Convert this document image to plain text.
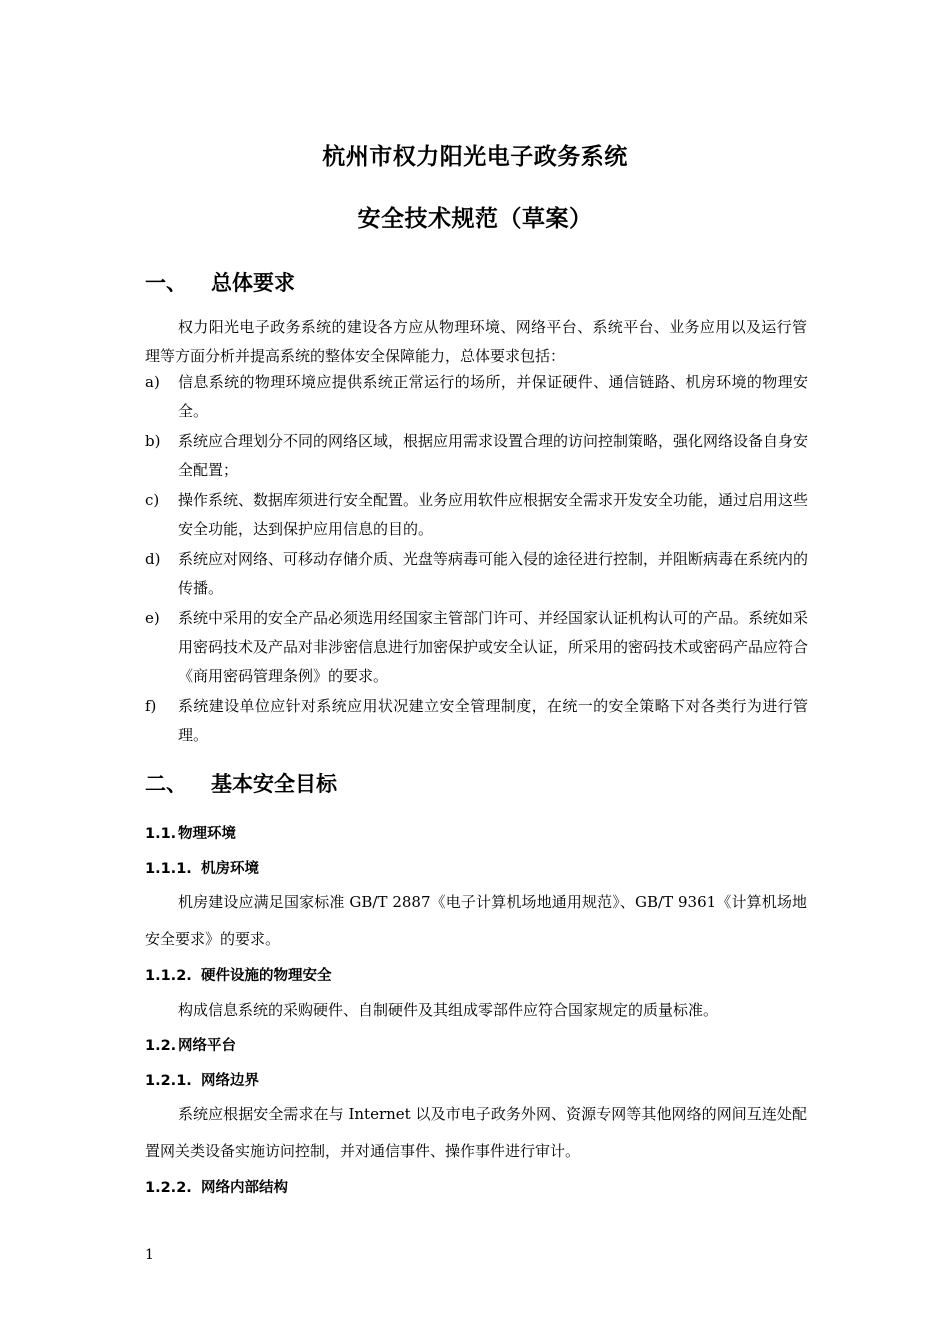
杭州市权力阳光电子政务系统
安全技术规范（草案）
一、 总体要求
权力阳光电子政务系统的建设各方应从物理环境、网络平台、系统平台、业务应用以及运行管理等方面分析并提高系统的整体安全保障能力，总体要求包括：
a) 信息系统的物理环境应提供系统正常运行的场所，并保证硬件、通信链路、机房环境的物理安全。
b) 系统应合理划分不同的网络区域，根据应用需求设置合理的访问控制策略，强化网络设备自身安全配置；
c) 操作系统、数据库须进行安全配置。业务应用软件应根据安全需求开发安全功能，通过启用这些安全功能，达到保护应用信息的目的。
d) 系统应对网络、可移动存储介质、光盘等病毒可能入侵的途径进行控制，并阻断病毒在系统内的传播。
e) 系统中采用的安全产品必须选用经国家主管部门许可、并经国家认证机构认可的产品。系统如采用密码技术及产品对非涉密信息进行加密保护或安全认证，所采用的密码技术或密码产品应符合《商用密码管理条例》的要求。
f) 系统建设单位应针对系统应用状况建立安全管理制度，在统一的安全策略下对各类行为进行管理。
二、 基本安全目标
1.1. 物理环境
1.1.1. 机房环境
机房建设应满足国家标准 GB/T 2887《电子计算机场地通用规范》、GB/T 9361《计算机场地安全要求》的要求。
1.1.2. 硬件设施的物理安全
构成信息系统的采购硬件、自制硬件及其组成零部件应符合国家规定的质量标准。
1.2. 网络平台
1.2.1. 网络边界
系统应根据安全需求在与 Internet 以及市电子政务外网、资源专网等其他网络的网间互连处配置网关类设备实施访问控制，并对通信事件、操作事件进行审计。
1.2.2. 网络内部结构
1
